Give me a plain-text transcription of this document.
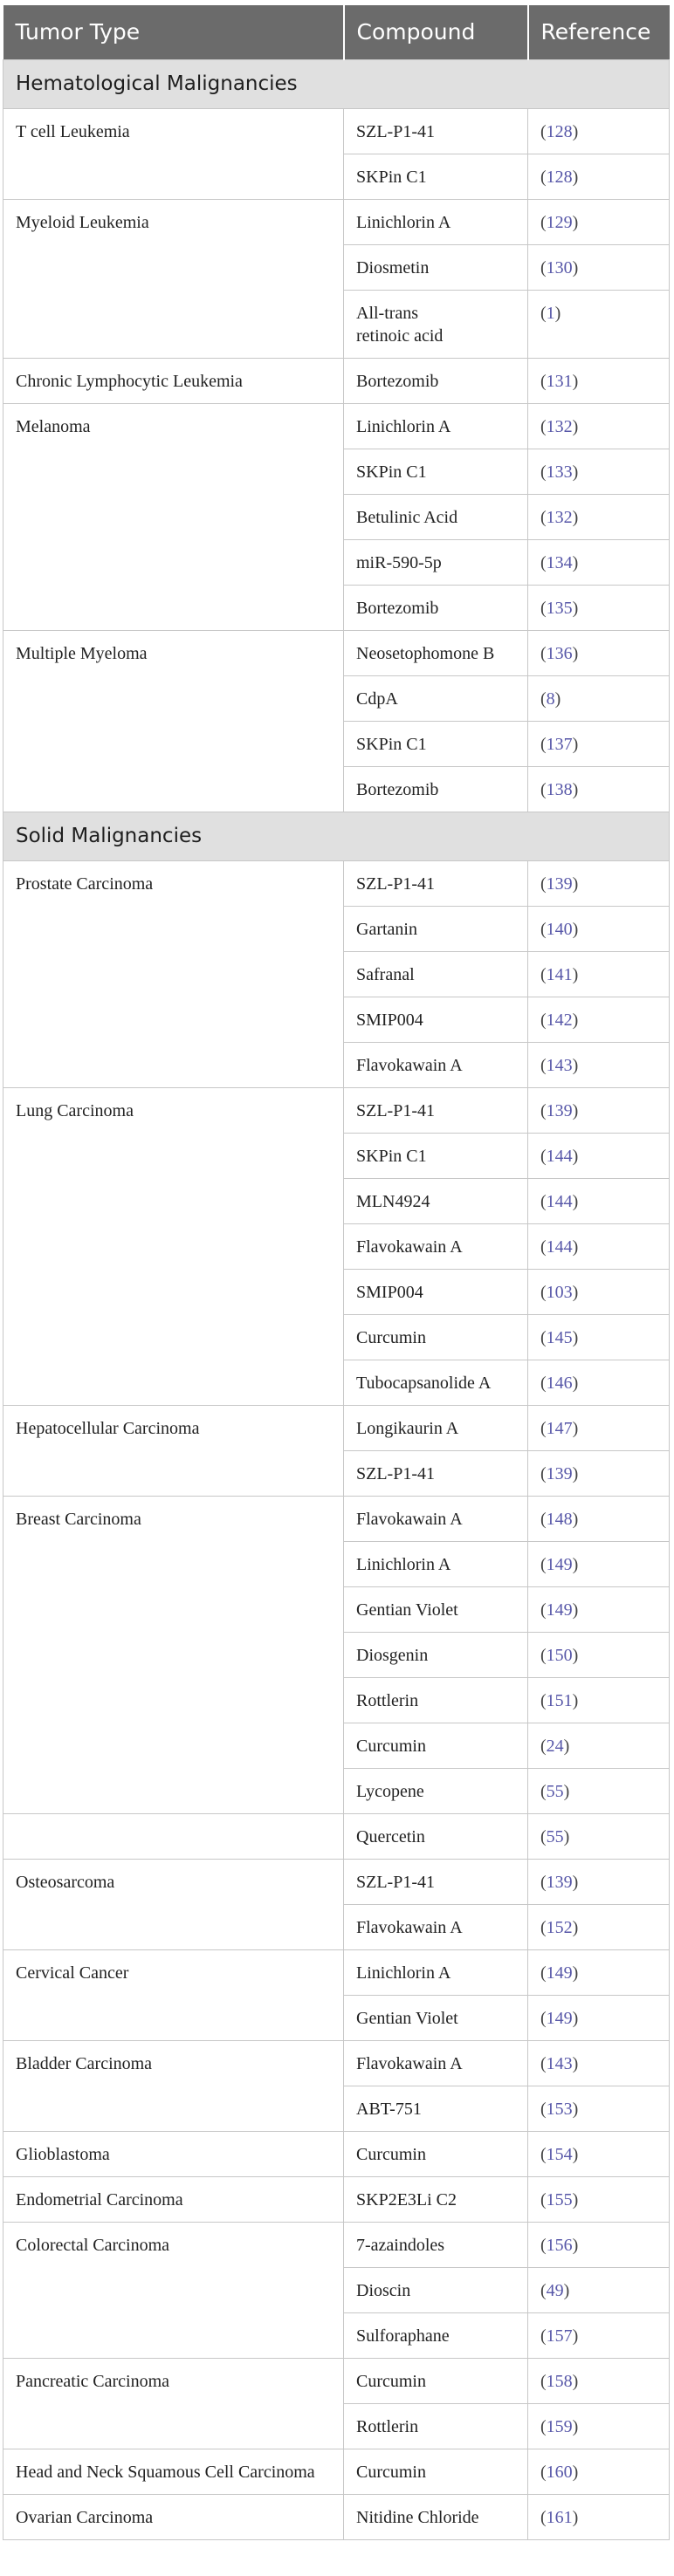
Tumor Type	Compound	Reference
Hematological Malignancies		
T cell Leukemia	SZL-P1-41	(128)
	SKPin C1	(128)
Myeloid Leukemia	Linichlorin A	(129)
	Diosmetin	(130)
	All-trans retinoic acid	(1)
Chronic Lymphocytic Leukemia	Bortezomib	(131)
Melanoma	Linichlorin A	(132)
	SKPin C1	(133)
	Betulinic Acid	(132)
	miR-590-5p	(134)
	Bortezomib	(135)
Multiple Myeloma	Neosetophomone B	(136)
	CdpA	(8)
	SKPin C1	(137)
	Bortezomib	(138)
Solid Malignancies		
Prostate Carcinoma	SZL-P1-41	(139)
	Gartanin	(140)
	Safranal	(141)
	SMIP004	(142)
	Flavokawain A	(143)
Lung Carcinoma	SZL-P1-41	(139)
	SKPin C1	(144)
	MLN4924	(144)
	Flavokawain A	(144)
	SMIP004	(103)
	Curcumin	(145)
	Tubocapsanolide A	(146)
Hepatocellular Carcinoma	Longikaurin A	(147)
	SZL-P1-41	(139)
Breast Carcinoma	Flavokawain A	(148)
	Linichlorin A	(149)
	Gentian Violet	(149)
	Diosgenin	(150)
	Rottlerin	(151)
	Curcumin	(24)
	Lycopene	(55)
	Quercetin	(55)
Osteosarcoma	SZL-P1-41	(139)
	Flavokawain A	(152)
Cervical Cancer	Linichlorin A	(149)
	Gentian Violet	(149)
Bladder Carcinoma	Flavokawain A	(143)
	ABT-751	(153)
Glioblastoma	Curcumin	(154)
Endometrial Carcinoma	SKP2E3Li C2	(155)
Colorectal Carcinoma	7-azaindoles	(156)
	Dioscin	(49)
	Sulforaphane	(157)
Pancreatic Carcinoma	Curcumin	(158)
	Rottlerin	(159)
Head and Neck Squamous Cell Carcinoma	Curcumin	(160)
Ovarian Carcinoma	Nitidine Chloride	(161)
